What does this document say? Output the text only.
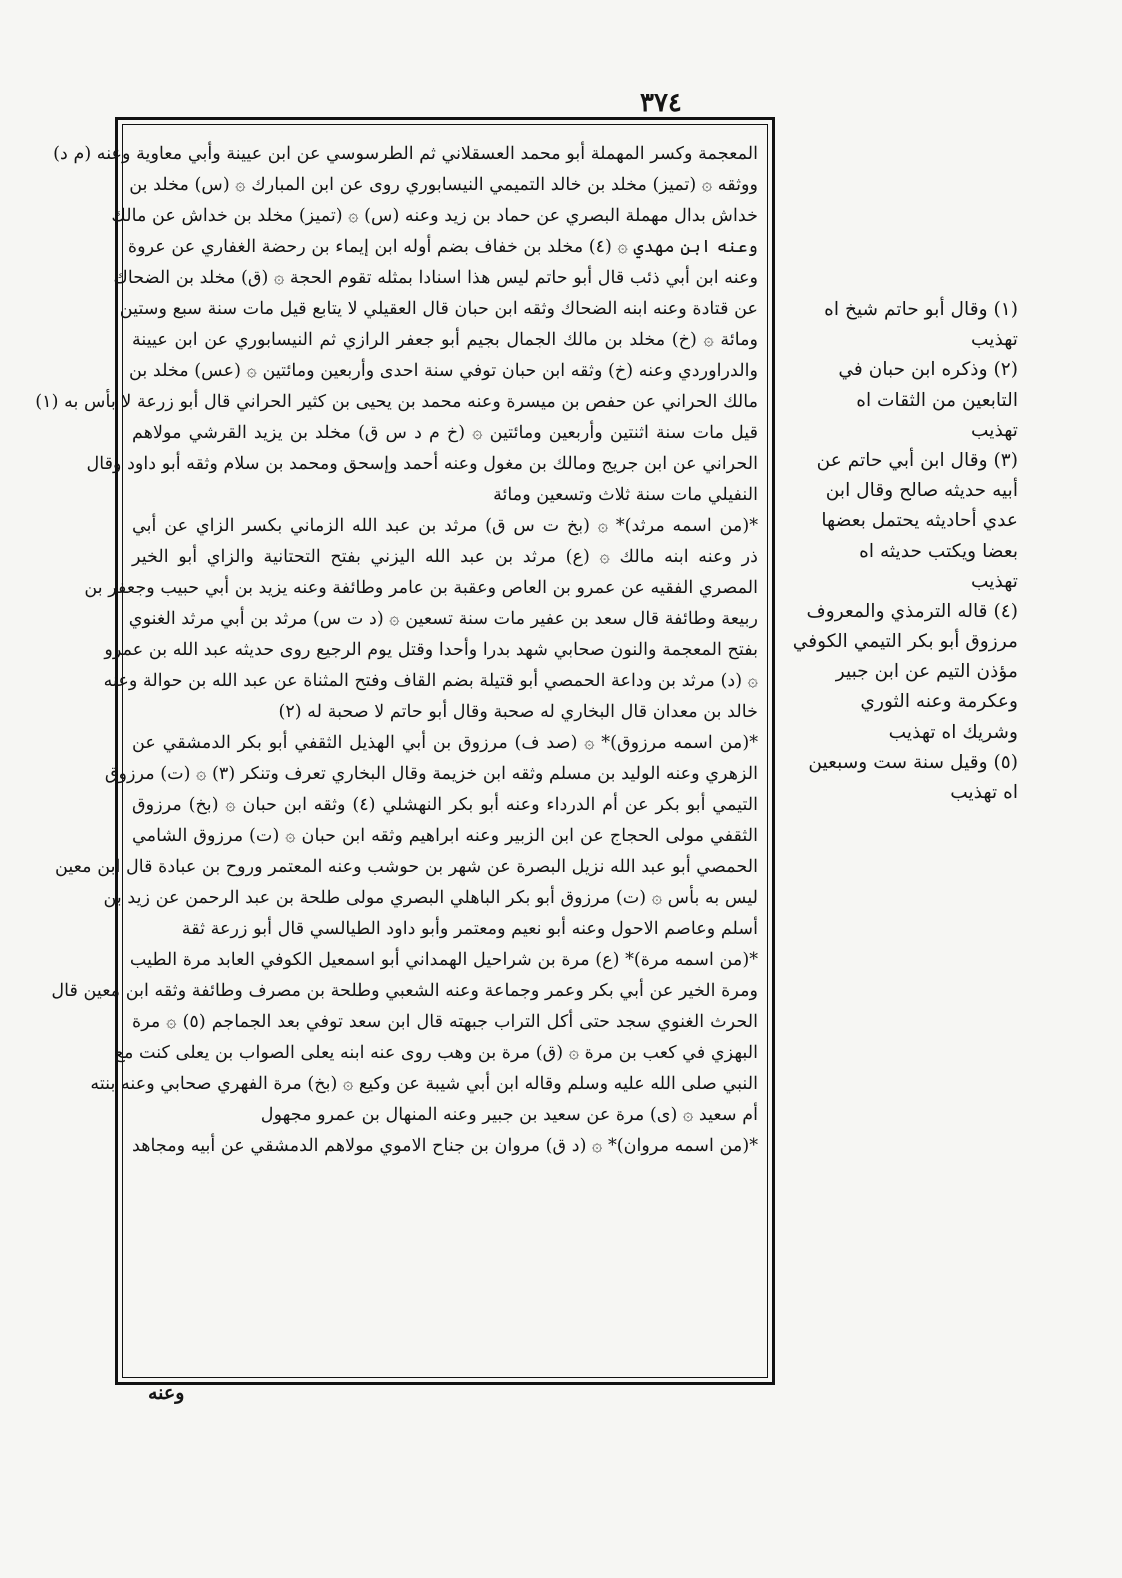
٣٧٤
المعجمة وكسر المهملة أبو محمد العسقلاني ثم الطرسوسي عن ابن عيينة وأبي معاوية وعنه (م د)
ووثقه ۞ (تميز) مخلد بن خالد التميمي النيسابوري روى عن ابن المبارك ۞ (س) مخلد بن
خداش بدال مهملة البصري عن حماد بن زيد وعنه (س) ۞ (تميز) مخلد بن خداش عن مالك
وعنه ابن مهدي ۞ (٤) مخلد بن خفاف بضم أوله ابن إيماء بن رحضة الغفاري عن عروة
وعنه ابن أبي ذئب قال أبو حاتم ليس هذا اسنادا بمثله تقوم الحجة ۞ (ق) مخلد بن الضحاك
عن قتادة وعنه ابنه الضحاك وثقه ابن حبان قال العقيلي لا يتابع قيل مات سنة سبع وستين
ومائة ۞ (خ) مخلد بن مالك الجمال بجيم أبو جعفر الرازي ثم النيسابوري عن ابن عيينة
والدراوردي وعنه (خ) وثقه ابن حبان توفي سنة احدى وأربعين ومائتين ۞ (عس) مخلد بن
مالك الحراني عن حفص بن ميسرة وعنه محمد بن يحيى بن كثير الحراني قال أبو زرعة لا بأس به (١)
قيل مات سنة اثنتين وأربعين ومائتين ۞ (خ م د س ق) مخلد بن يزيد القرشي مولاهم
الحراني عن ابن جريج ومالك بن مغول وعنه أحمد وإسحق ومحمد بن سلام وثقه أبو داود وقال
النفيلي مات سنة ثلاث وتسعين ومائة
*(من اسمه مرثد)* ۞ (بخ ت س ق) مرثد بن عبد الله الزماني بكسر الزاي عن أبي
ذر وعنه ابنه مالك ۞ (ع) مرثد بن عبد الله اليزني بفتح التحتانية والزاي أبو الخير
المصري الفقيه عن عمرو بن العاص وعقبة بن عامر وطائفة وعنه يزيد بن أبي حبيب وجعفر بن
ربيعة وطائفة قال سعد بن عفير مات سنة تسعين ۞ (د ت س) مرثد بن أبي مرثد الغنوي
بفتح المعجمة والنون صحابي شهد بدرا وأحدا وقتل يوم الرجيع روى حديثه عبد الله بن عمرو
۞ (د) مرثد بن وداعة الحمصي أبو قتيلة بضم القاف وفتح المثناة عن عبد الله بن حوالة وعنه
خالد بن معدان قال البخاري له صحبة وقال أبو حاتم لا صحبة له (٢)
*(من اسمه مرزوق)* ۞ (صد ف) مرزوق بن أبي الهذيل الثقفي أبو بكر الدمشقي عن
الزهري وعنه الوليد بن مسلم وثقه ابن خزيمة وقال البخاري تعرف وتنكر (٣) ۞ (ت) مرزوق
التيمي أبو بكر عن أم الدرداء وعنه أبو بكر النهشلي (٤) وثقه ابن حبان ۞ (بخ) مرزوق
الثقفي مولى الحجاج عن ابن الزبير وعنه ابراهيم وثقه ابن حبان ۞ (ت) مرزوق الشامي
الحمصي أبو عبد الله نزيل البصرة عن شهر بن حوشب وعنه المعتمر وروح بن عبادة قال ابن معين
ليس به بأس ۞ (ت) مرزوق أبو بكر الباهلي البصري مولى طلحة بن عبد الرحمن عن زيد بن
أسلم وعاصم الاحول وعنه أبو نعيم ومعتمر وأبو داود الطيالسي قال أبو زرعة ثقة
*(من اسمه مرة)* (ع) مرة بن شراحيل الهمداني أبو اسمعيل الكوفي العابد مرة الطيب
ومرة الخير عن أبي بكر وعمر وجماعة وعنه الشعبي وطلحة بن مصرف وطائفة وثقه ابن معين قال
الحرث الغنوي سجد حتى أكل التراب جبهته قال ابن سعد توفي بعد الجماجم (٥) ۞ مرة
البهزي في كعب بن مرة ۞ (ق) مرة بن وهب روى عنه ابنه يعلى الصواب بن يعلى كنت مع
النبي صلى الله عليه وسلم وقاله ابن أبي شيبة عن وكيع ۞ (بخ) مرة الفهري صحابي وعنه بنته
أم سعيد ۞ (ى) مرة عن سعيد بن جبير وعنه المنهال بن عمرو مجهول
*(من اسمه مروان)* ۞ (د ق) مروان بن جناح الاموي مولاهم الدمشقي عن أبيه ومجاهد
(١) وقال أبو حاتم شيخ اه
تهذيب
(٢) وذكره ابن حبان في
التابعين من الثقات اه
تهذيب
(٣) وقال ابن أبي حاتم عن
أبيه حديثه صالح وقال ابن
عدي أحاديثه يحتمل بعضها
بعضا ويكتب حديثه اه
تهذيب
(٤) قاله الترمذي والمعروف
مرزوق أبو بكر التيمي الكوفي
مؤذن التيم عن ابن جبير
وعكرمة وعنه الثوري
وشريك اه تهذيب
(٥) وقيل سنة ست وسبعين
اه تهذيب
وعنه
